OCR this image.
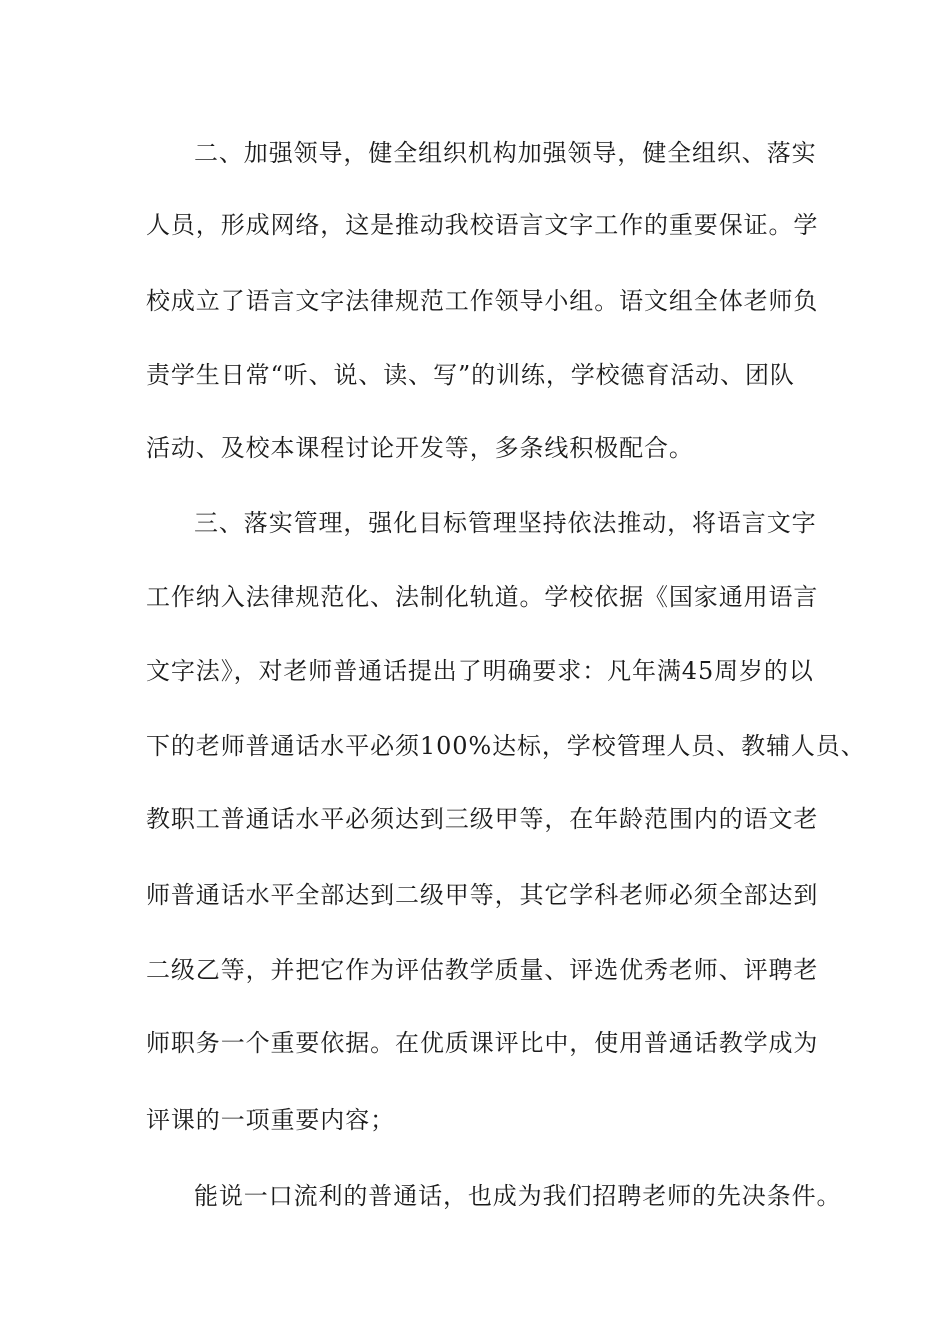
二、加强领导，健全组织机构加强领导，健全组织、落实
人员，形成网络，这是推动我校语言文字工作的重要保证。学
校成立了语言文字法律规范工作领导小组。语文组全体老师负
责学生日常“听、说、读、写”的训练，学校德育活动、团队
活动、及校本课程讨论开发等，多条线积极配合。
三、落实管理，强化目标管理坚持依法推动，将语言文字
工作纳入法律规范化、法制化轨道。学校依据《国家通用语言
文字法》，对老师普通话提出了明确要求：凡年满45周岁的以
下的老师普通话水平必须100%达标，学校管理人员、教辅人员、
教职工普通话水平必须达到三级甲等，在年龄范围内的语文老
师普通话水平全部达到二级甲等，其它学科老师必须全部达到
二级乙等，并把它作为评估教学质量、评选优秀老师、评聘老
师职务一个重要依据。在优质课评比中，使用普通话教学成为
评课的一项重要内容；
能说一口流利的普通话，也成为我们招聘老师的先决条件。
